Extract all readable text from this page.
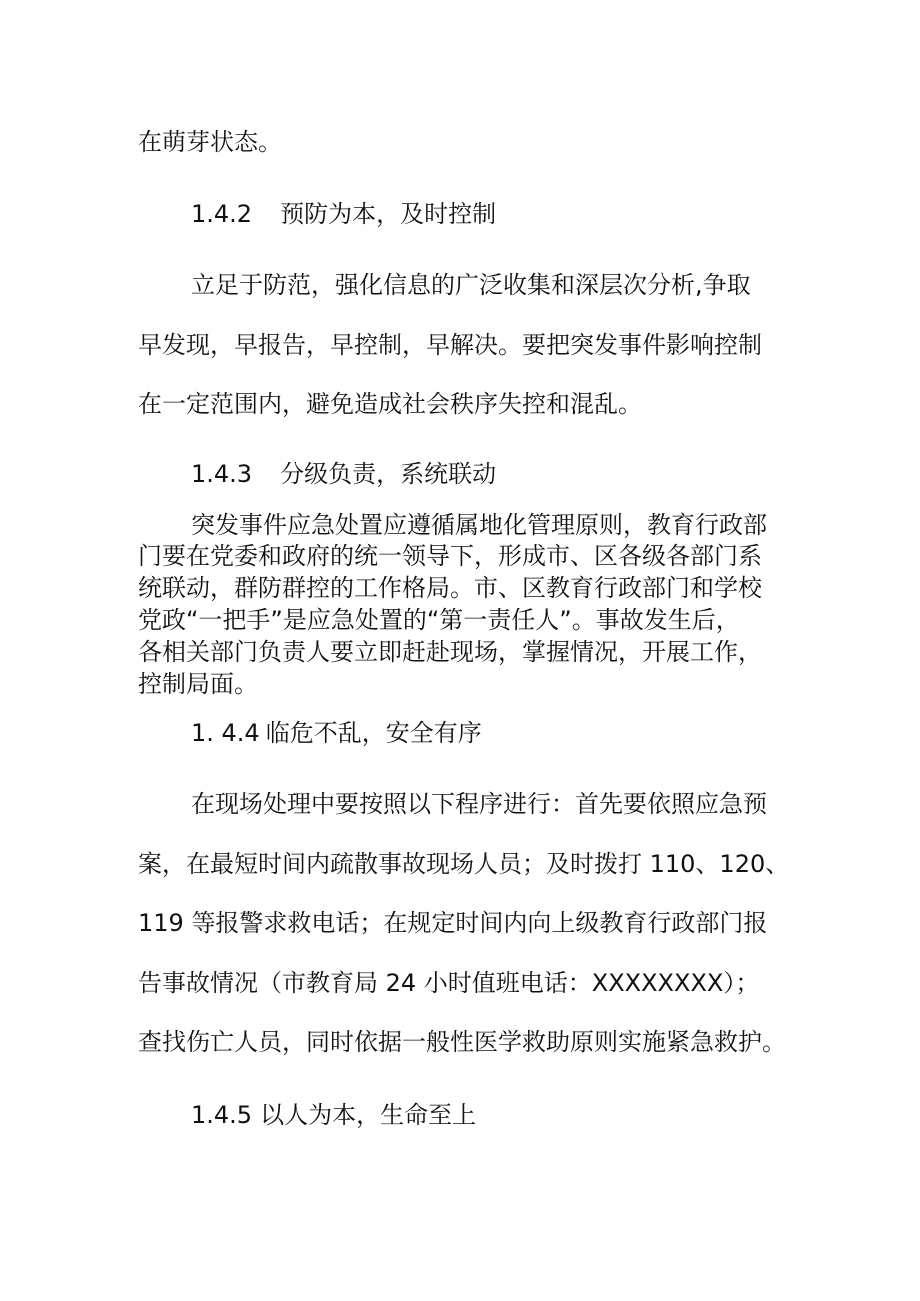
在萌芽状态。
1.4.2 预防为本，及时控制
立足于防范，强化信息的广泛收集和深层次分析,争取
早发现，早报告，早控制，早解决。要把突发事件影响控制
在一定范围内，避免造成社会秩序失控和混乱。
1.4.3 分级负责，系统联动
突发事件应急处置应遵循属地化管理原则，教育行政部
门要在党委和政府的统一领导下，形成市、区各级各部门系
统联动，群防群控的工作格局。市、区教育行政部门和学校
党政“一把手”是应急处置的“第一责任人”。事故发生后，
各相关部门负责人要立即赶赴现场，掌握情况，开展工作，
控制局面。
1. 4.4 临危不乱，安全有序
在现场处理中要按照以下程序进行：首先要依照应急预
案，在最短时间内疏散事故现场人员；及时拨打 110、120、
119 等报警求救电话；在规定时间内向上级教育行政部门报
告事故情况（市教育局 24 小时值班电话：XXXXXXXX）；
查找伤亡人员，同时依据一般性医学救助原则实施紧急救护。
1.4.5 以人为本，生命至上
